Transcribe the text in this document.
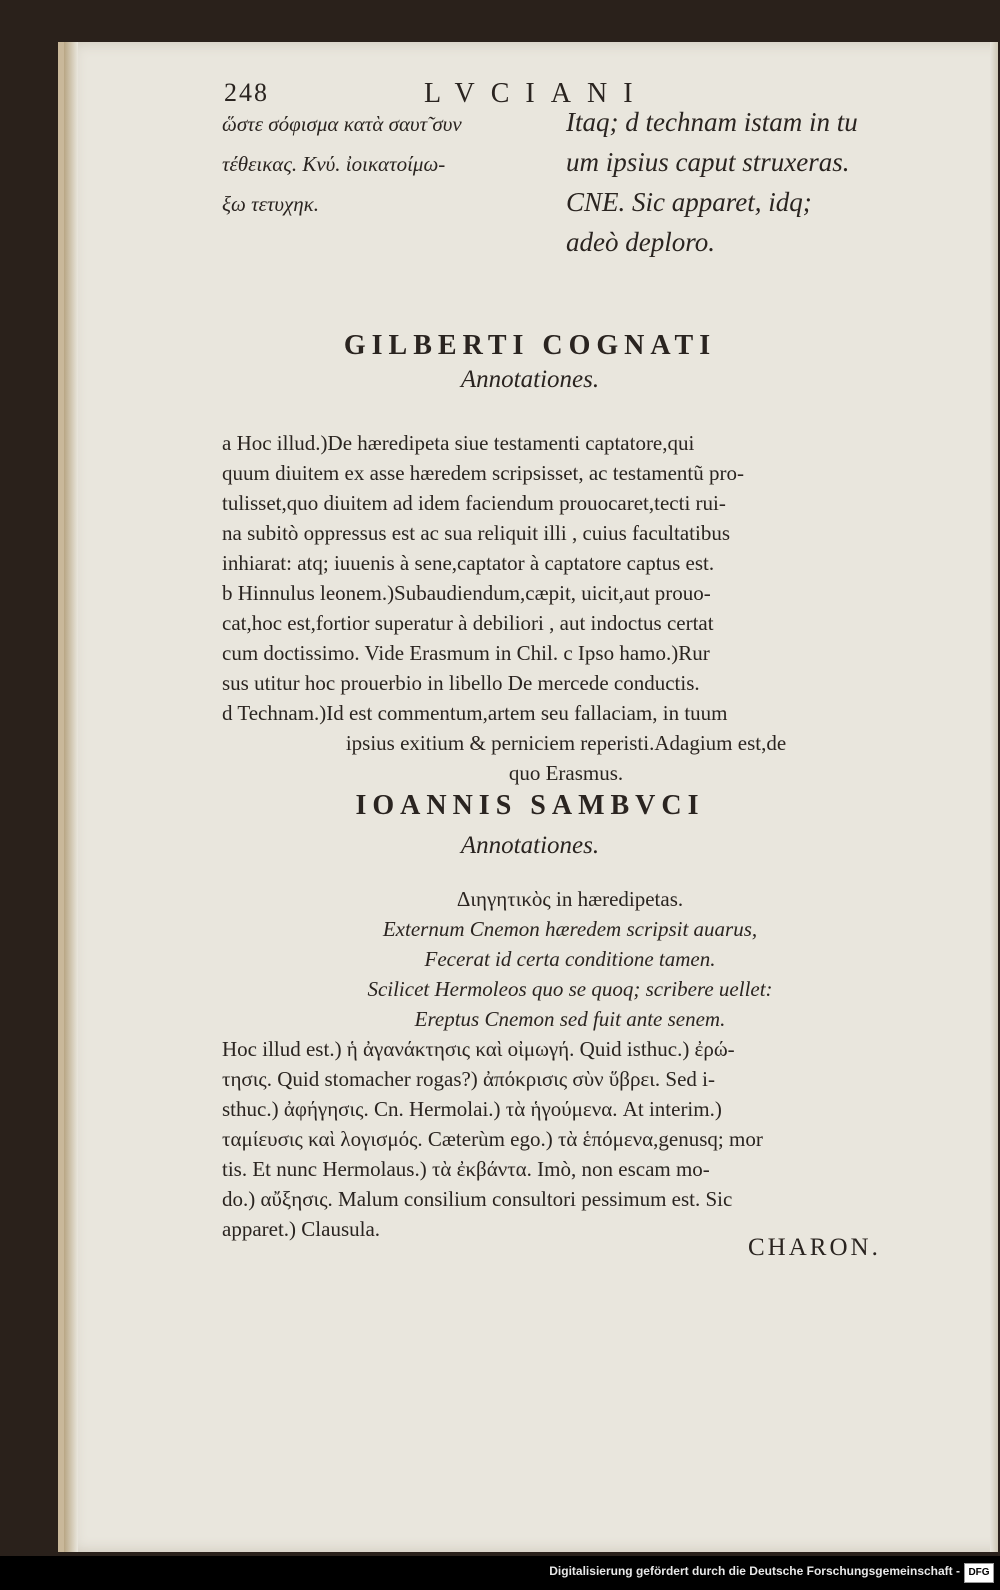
248	LVCIANI
ὥστε σόφισμα κατὰ σαυτ̃ συν
τέθεικας. Κνύ. ἰοικατοίμω-
ξω τετυχηκ.
Itaq; d technam istam in tu
um ipsius caput struxeras.
CNE. Sic apparet, idq;
adeò deploro.
GILBERTI COGNATI
Annotationes.
a Hoc illud.)De hæredipeta siue testamenti captatore,qui
quum diuitem ex asse hæredem scripsisset, ac testamentũ pro-
tulisset,quo diuitem ad idem faciendum prouocaret,tecti rui-
na subitò oppressus est ac sua reliquit illi , cuius facultatibus
inhiarat: atq; iuuenis à sene,captator à captatore captus est.
b Hinnulus leonem.)Subaudiendum,cæpit, uicit,aut prouo-
cat,hoc est,fortior superatur à debiliori , aut indoctus certat
cum doctissimo. Vide Erasmum in Chil. c Ipso hamo.)Rur
sus utitur hoc prouerbio in libello De mercede conductis.
d Technam.)Id est commentum,artem seu fallaciam, in tuum
ipsius exitium & perniciem reperisti.Adagium est,de
quo Erasmus.
IOANNIS SAMBVCI
Annotationes.
Διηγητικὸς in hæredipetas.
Externum Cnemon hæredem scripsit auarus,
Fecerat id certa conditione tamen.
Scilicet Hermoleos quo se quoq; scribere uellet:
Ereptus Cnemon sed fuit ante senem.
Hoc illud est.) ἡ ἀγανάκτησις καὶ οἰμωγή. Quid isthuc.) ἐρώ-
τησις. Quid stomacher rogas?) ἀπόκρισις σὺν ὕβρει. Sed i-
sthuc.) ἀφήγησις. Cn. Hermolai.) τὰ ἡγούμενα. At interim.)
ταμίευσις καὶ λογισμός. Cæterùm ego.) τὰ ἑπόμενα,genusq; mor
tis. Et nunc Hermolaus.) τὰ ἐκβάντα. Imò, non escam mo-
do.) αὔξησις. Malum consilium consultori pessimum est. Sic
apparet.) Clausula.
CHARON.
Digitalisierung gefördert durch die Deutsche Forschungsgemeinschaft - DFG
